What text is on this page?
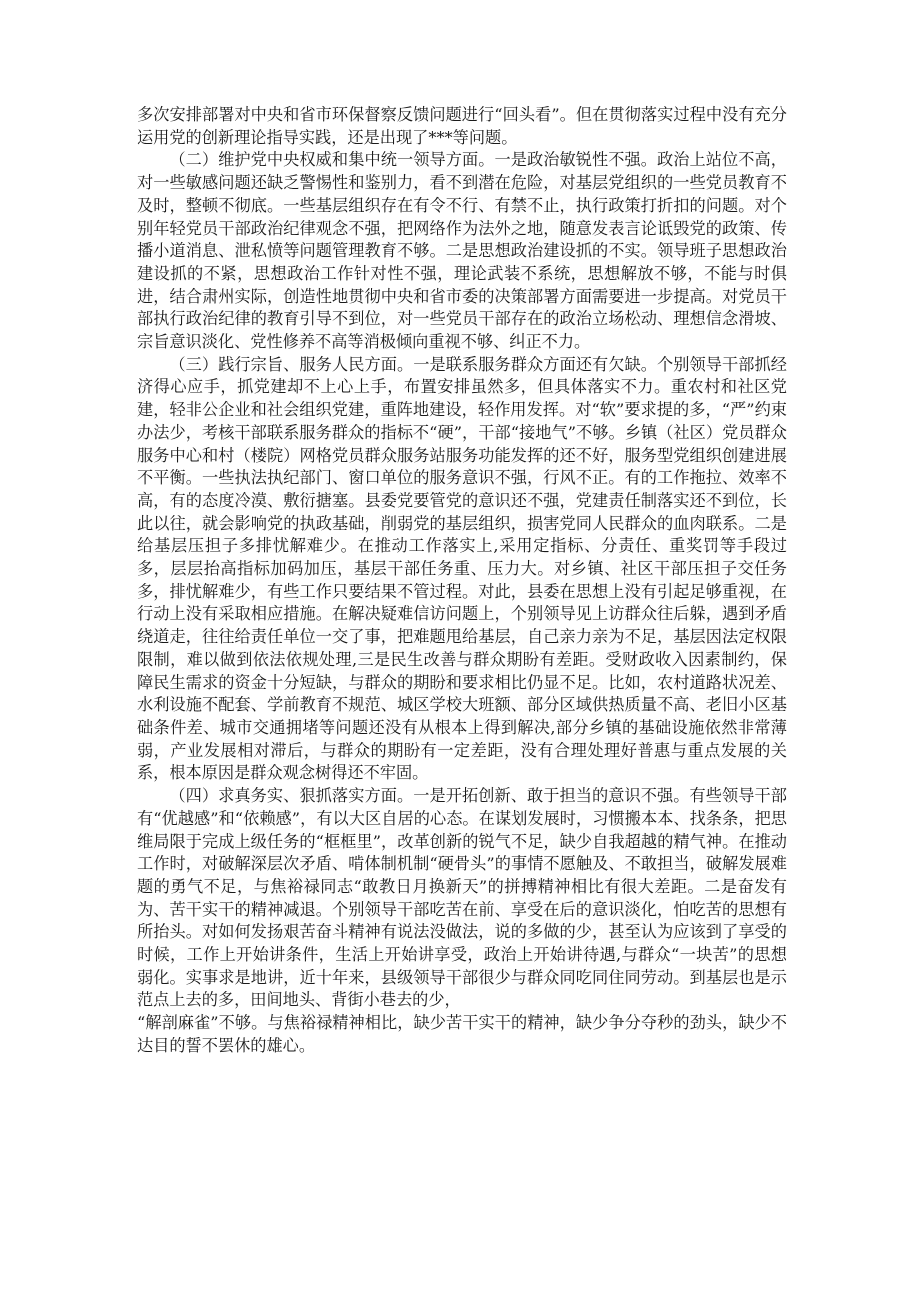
多次安排部署对中央和省市环保督察反馈问题进行“回头看”。但在贯彻落实过程中没有充分运用党的创新理论指导实践，还是出现了***等问题。

（二）维护党中央权威和集中统一领导方面。一是政治敏锐性不强。政治上站位不高，对一些敏感问题还缺乏警惕性和鉴别力，看不到潜在危险，对基层党组织的一些党员教育不及时，整顿不彻底。一些基层组织存在有令不行、有禁不止，执行政策打折扣的问题。对个别年轻党员干部政治纪律观念不强，把网络作为法外之地，随意发表言论诋毁党的政策、传播小道消息、泄私愤等问题管理教育不够。二是思想政治建设抓的不实。领导班子思想政治建设抓的不紧，思想政治工作针对性不强，理论武装不系统，思想解放不够，不能与时俱进，结合肃州实际，创造性地贯彻中央和省市委的决策部署方面需要进一步提高。对党员干部执行政治纪律的教育引导不到位，对一些党员干部存在的政治立场松动、理想信念滑坡、宗旨意识淡化、党性修养不高等消极倾向重视不够、纠正不力。

（三）践行宗旨、服务人民方面。一是联系服务群众方面还有欠缺。个别领导干部抓经济得心应手，抓党建却不上心上手，布置安排虽然多，但具体落实不力。重农村和社区党建，轻非公企业和社会组织党建，重阵地建设，轻作用发挥。对“软”要求提的多，“严”约束办法少，考核干部联系服务群众的指标不“硬”，干部“接地气”不够。乡镇（社区）党员群众服务中心和村（楼院）网格党员群众服务站服务功能发挥的还不好，服务型党组织创建进展不平衡。一些执法执纪部门、窗口单位的服务意识不强，行风不正。有的工作拖拉、效率不高，有的态度冷漠、敷衍搪塞。县委党要管党的意识还不强，党建责任制落实还不到位，长此以往，就会影响党的执政基础，削弱党的基层组织，损害党同人民群众的血肉联系。二是给基层压担子多排忧解难少。在推动工作落实上,采用定指标、分责任、重奖罚等手段过多，层层抬高指标加码加压，基层干部任务重、压力大。对乡镇、社区干部压担子交任务多，排忧解难少，有些工作只要结果不管过程。对此，县委在思想上没有引起足够重视，在行动上没有采取相应措施。在解决疑难信访问题上，个别领导见上访群众往后躲，遇到矛盾绕道走，往往给责任单位一交了事，把难题甩给基层，自己亲力亲为不足，基层因法定权限限制，难以做到依法依规处理,三是民生改善与群众期盼有差距。受财政收入因素制约，保障民生需求的资金十分短缺，与群众的期盼和要求相比仍显不足。比如，农村道路状况差、水利设施不配套、学前教育不规范、城区学校大班额、部分区域供热质量不高、老旧小区基础条件差、城市交通拥堵等问题还没有从根本上得到解决,部分乡镇的基础设施依然非常薄弱，产业发展相对滞后，与群众的期盼有一定差距，没有合理处理好普惠与重点发展的关系，根本原因是群众观念树得还不牢固。

（四）求真务实、狠抓落实方面。一是开拓创新、敢于担当的意识不强。有些领导干部有“优越感”和“依赖感”，有以大区自居的心态。在谋划发展时，习惯搬本本、找条条，把思维局限于完成上级任务的“框框里”，改革创新的锐气不足，缺少自我超越的精气神。在推动工作时，对破解深层次矛盾、啃体制机制“硬骨头”的事情不愿触及、不敢担当，破解发展难题的勇气不足，与焦裕禄同志“敢教日月换新天”的拼搏精神相比有很大差距。二是奋发有为、苦干实干的精神减退。个别领导干部吃苦在前、享受在后的意识淡化，怕吃苦的思想有所抬头。对如何发扬艰苦奋斗精神有说法没做法，说的多做的少，甚至认为应该到了享受的时候，工作上开始讲条件，生活上开始讲享受，政治上开始讲待遇,与群众“一块苦”的思想弱化。实事求是地讲，近十年来，县级领导干部很少与群众同吃同住同劳动。到基层也是示范点上去的多，田间地头、背街小巷去的少，

“解剖麻雀”不够。与焦裕禄精神相比，缺少苦干实干的精神，缺少争分夺秒的劲头，缺少不达目的誓不罢休的雄心。
